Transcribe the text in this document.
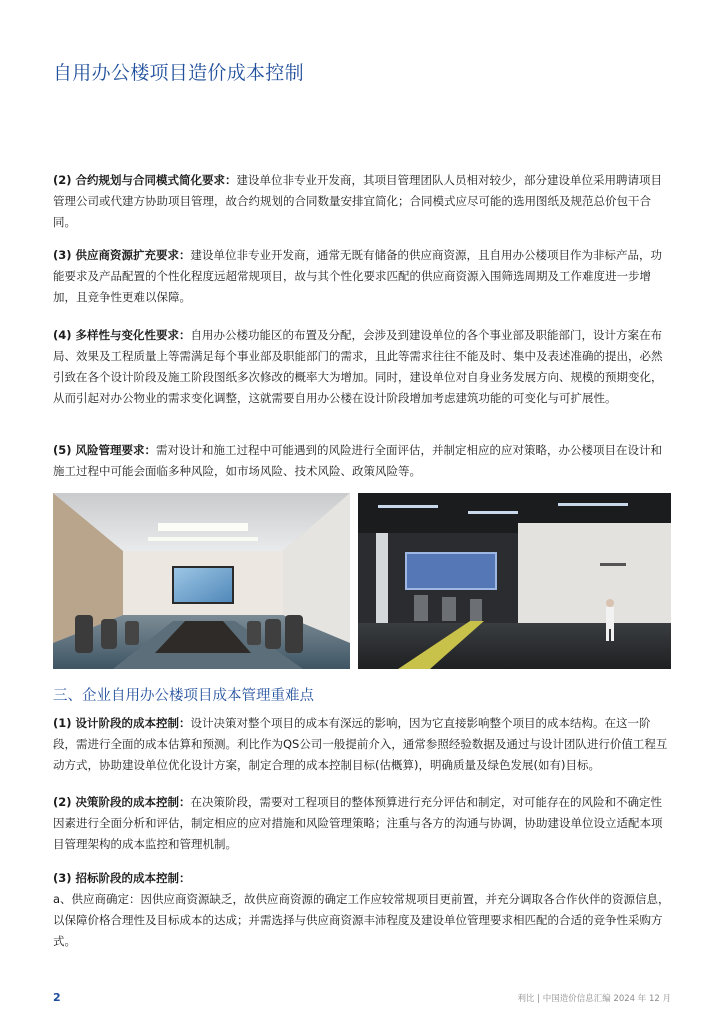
自用办公楼项目造价成本控制

(2) 合约规划与合同模式简化要求：建设单位非专业开发商，其项目管理团队人员相对较少，部分建设单位采用聘请项目管理公司或代建方协助项目管理，故合约规划的合同数量安排宜简化；合同模式应尽可能的选用图纸及规范总价包干合同。

(3) 供应商资源扩充要求：建设单位非专业开发商，通常无既有储备的供应商资源，且自用办公楼项目作为非标产品，功能要求及产品配置的个性化程度远超常规项目，故与其个性化要求匹配的供应商资源入围筛选周期及工作难度进一步增加，且竞争性更难以保障。

(4) 多样性与变化性要求：自用办公楼功能区的布置及分配，会涉及到建设单位的各个事业部及职能部门，设计方案在布局、效果及工程质量上等需满足每个事业部及职能部门的需求，且此等需求往往不能及时、集中及表述准确的提出，必然引致在各个设计阶段及施工阶段图纸多次修改的概率大为增加。同时，建设单位对自身业务发展方向、规模的预期变化，从而引起对办公物业的需求变化调整，这就需要自用办公楼在设计阶段增加考虑建筑功能的可变化与可扩展性。

(5) 风险管理要求：需对设计和施工过程中可能遇到的风险进行全面评估，并制定相应的应对策略，办公楼项目在设计和施工过程中可能会面临多种风险，如市场风险、技术风险、政策风险等。

三、企业自用办公楼项目成本管理重难点

(1) 设计阶段的成本控制：设计决策对整个项目的成本有深远的影响，因为它直接影响整个项目的成本结构。在这一阶段，需进行全面的成本估算和预测。利比作为QS公司一般提前介入，通常参照经验数据及通过与设计团队进行价值工程互动方式，协助建设单位优化设计方案，制定合理的成本控制目标(估概算)，明确质量及绿色发展(如有)目标。

(2) 决策阶段的成本控制：在决策阶段，需要对工程项目的整体预算进行充分评估和制定，对可能存在的风险和不确定性因素进行全面分析和评估，制定相应的应对措施和风险管理策略；注重与各方的沟通与协调，协助建设单位设立适配本项目管理架构的成本监控和管理机制。

(3) 招标阶段的成本控制：
a、供应商确定：因供应商资源缺乏，故供应商资源的确定工作应较常规项目更前置，并充分调取各合作伙伴的资源信息，以保障价格合理性及目标成本的达成；并需选择与供应商资源丰沛程度及建设单位管理要求相匹配的合适的竞争性采购方式。

2	利比 | 中国造价信息汇编 2024 年 12 月
